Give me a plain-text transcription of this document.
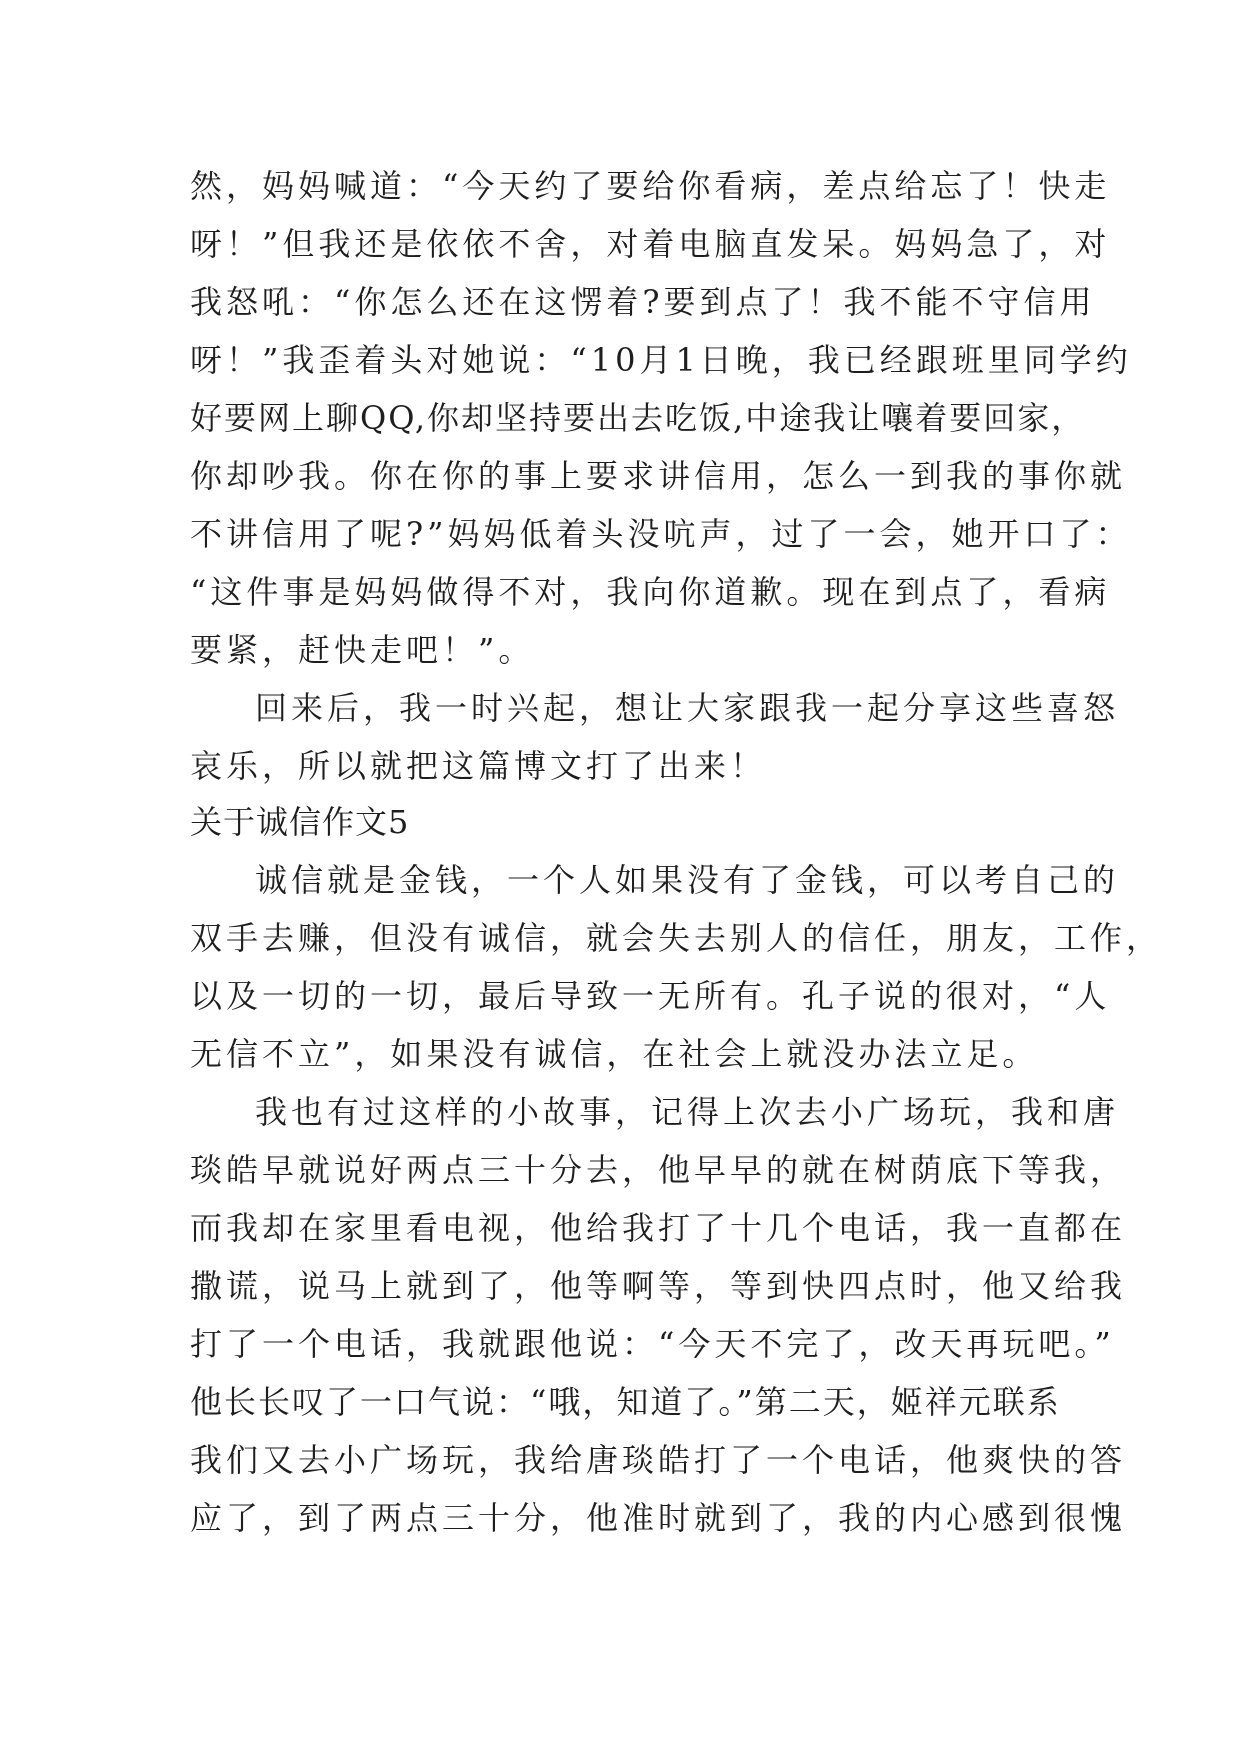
然，妈妈喊道：“今天约了要给你看病，差点给忘了！快走
呀！”但我还是依依不舍，对着电脑直发呆。妈妈急了，对
我怒吼：“你怎么还在这愣着?要到点了！我不能不守信用
呀！”我歪着头对她说：“10月1日晚，我已经跟班里同学约
好要网上聊QQ,你却坚持要出去吃饭,中途我让嚷着要回家，
你却吵我。你在你的事上要求讲信用，怎么一到我的事你就
不讲信用了呢?”妈妈低着头没吭声，过了一会，她开口了：
“这件事是妈妈做得不对，我向你道歉。现在到点了，看病
要紧，赶快走吧！”。
回来后，我一时兴起，想让大家跟我一起分享这些喜怒
哀乐，所以就把这篇博文打了出来！
关于诚信作文5
诚信就是金钱，一个人如果没有了金钱，可以考自己的
双手去赚，但没有诚信，就会失去别人的信任，朋友，工作，
以及一切的一切，最后导致一无所有。孔子说的很对，“人
无信不立”，如果没有诚信，在社会上就没办法立足。
我也有过这样的小故事，记得上次去小广场玩，我和唐
琰皓早就说好两点三十分去，他早早的就在树荫底下等我，
而我却在家里看电视，他给我打了十几个电话，我一直都在
撒谎，说马上就到了，他等啊等，等到快四点时，他又给我
打了一个电话，我就跟他说：“今天不完了，改天再玩吧。”
他长长叹了一口气说：“哦，知道了。”第二天，姬祥元联系
我们又去小广场玩，我给唐琰皓打了一个电话，他爽快的答
应了，到了两点三十分，他准时就到了，我的内心感到很愧
